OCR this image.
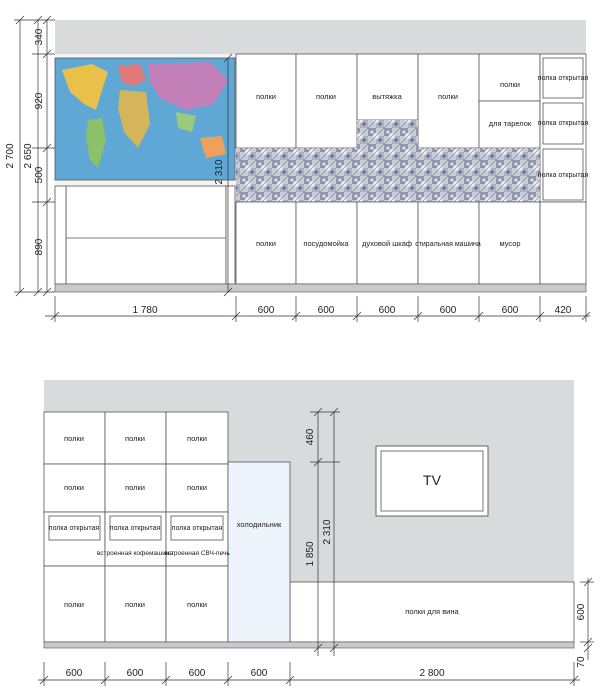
полки	полки	вытяжка	полки
полки
для тарелок
полка открытая
полка открытая
полка открытая
полки	посудомойка духовой шкаф стиральная машина мусор
2 700 2 650
340
920
500
890
2 310
1 780	600	600	600	600	600	420
полки	полки	полки
полки	полки	полки
полка открытая полка открытая
встроенная кофемашина
полка открытая
встроенная СВЧ-печь
холодильник
полки	полки	полки
TV
полки для вина
460
1 850
2 310
600
70
600	600	600	600	2 800
